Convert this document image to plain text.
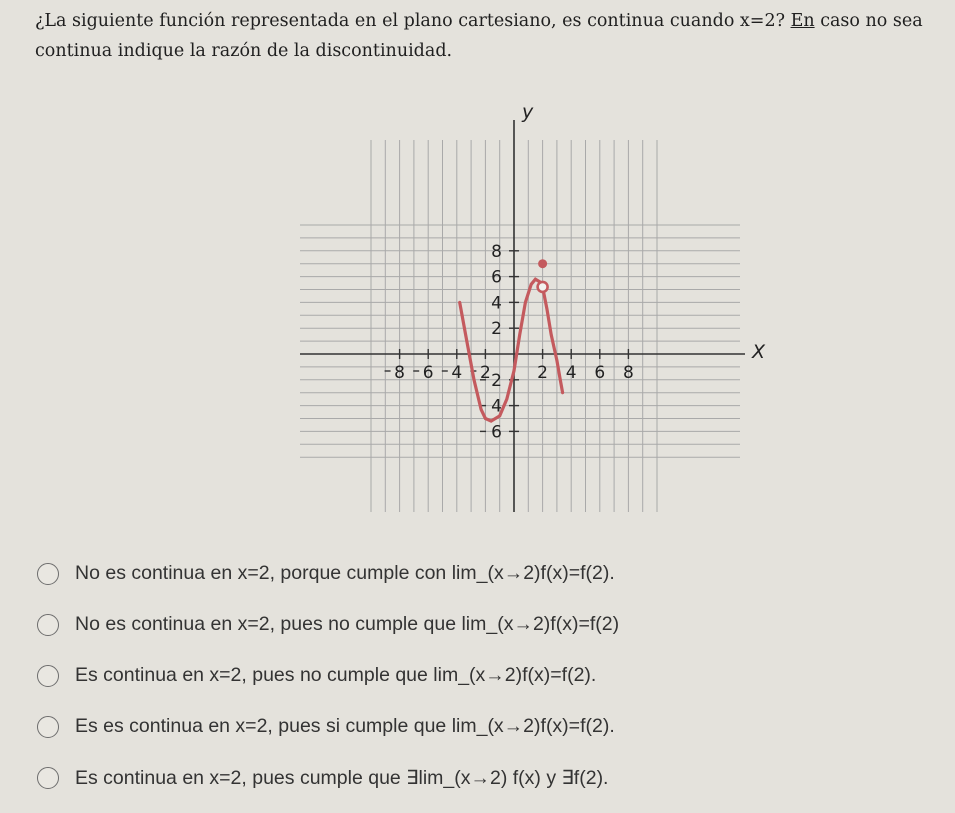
¿La siguiente función representada en el plano cartesiano, es continua cuando x=2? En caso no sea continua indique la razón de la discontinuidad.
8 6 4 2	2 4 6 8
6
4
2
2
4
6
8
X
y
No es continua en x=2, porque cumple con lim_(x→2)f(x)=f(2).
No es continua en x=2, pues no cumple que lim_(x→2)f(x)=f(2)
Es continua en x=2, pues no cumple que lim_(x→2)f(x)=f(2).
Es es continua en x=2, pues si cumple que lim_(x→2)f(x)=f(2).
Es continua en x=2, pues cumple que ∃lim_(x→2) f(x) y ∃f(2).
